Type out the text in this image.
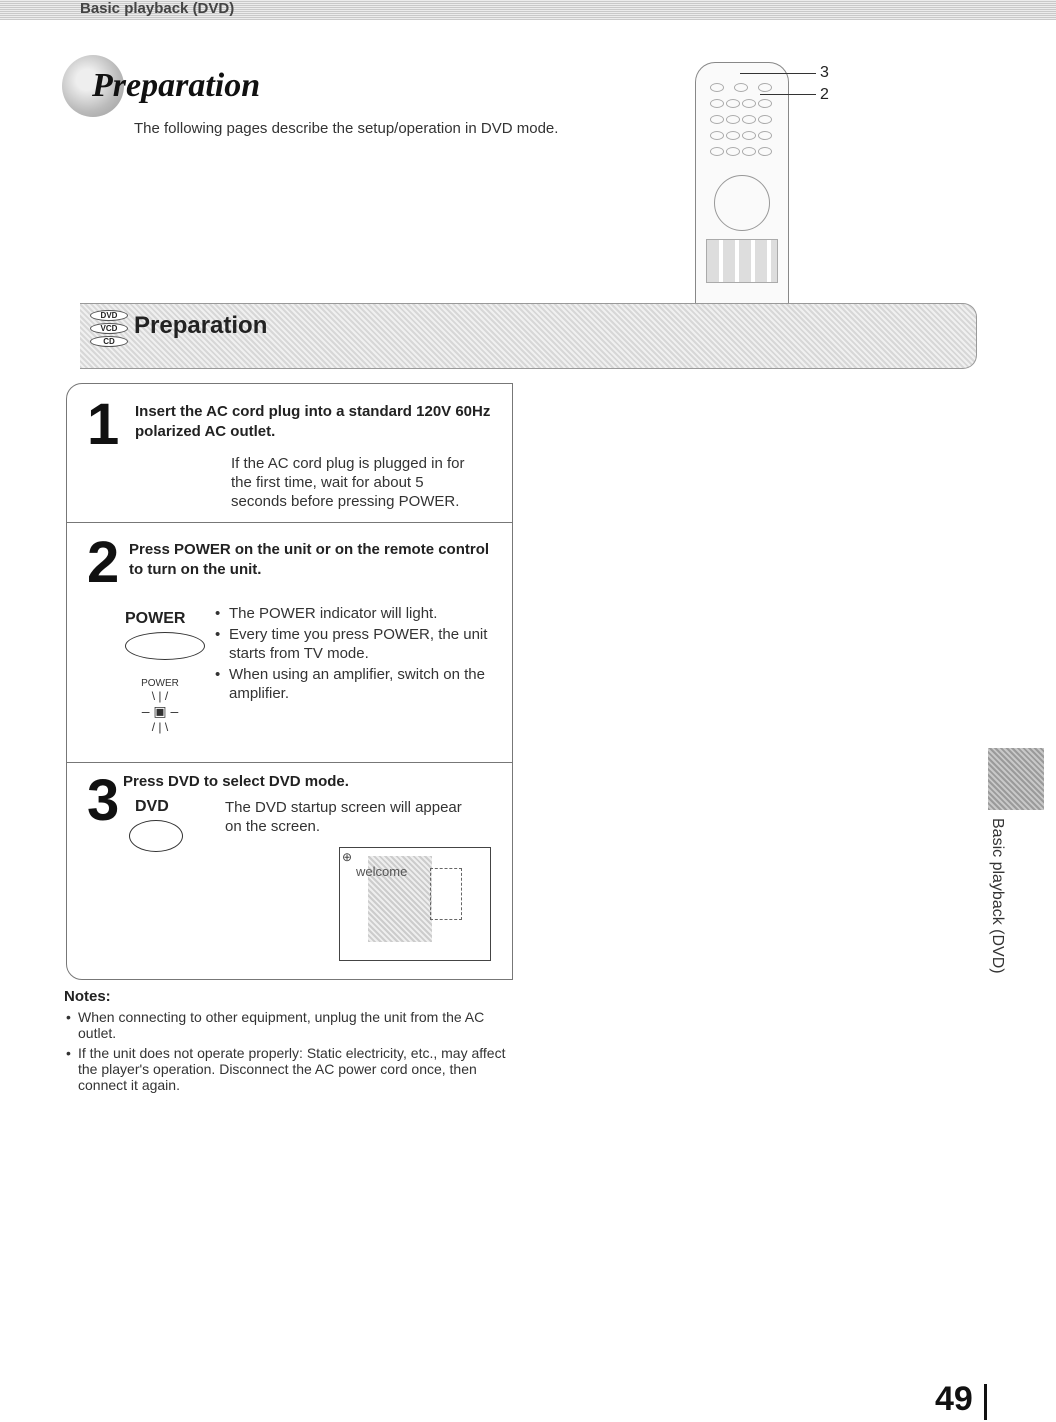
Basic playback (DVD)
Preparation
The following pages describe the setup/operation in DVD mode.
3
2
DVD
VCD
CD
Preparation
1 Insert the AC cord plug into a standard 120V 60Hz polarized AC outlet.
If the AC cord plug is plugged in for
the first time, wait for about 5
seconds before pressing POWER.
2 Press POWER on the unit or on the remote control to turn on the unit.
POWER
POWER
\ | /
– ▣ –
/ | \
• The POWER indicator will light.
• Every time you press POWER, the unit starts from TV mode.
• When using an amplifier, switch on the amplifier.
3 Press DVD to select DVD mode.
DVD	The DVD startup screen will appear
on the screen.
⊕
welcome
Notes:
• When connecting to other equipment, unplug the unit from the AC outlet.
• If the unit does not operate properly: Static electricity, etc., may affect the player's operation. Disconnect the AC power cord once, then connect it again.
Basic playback (DVD)
49
